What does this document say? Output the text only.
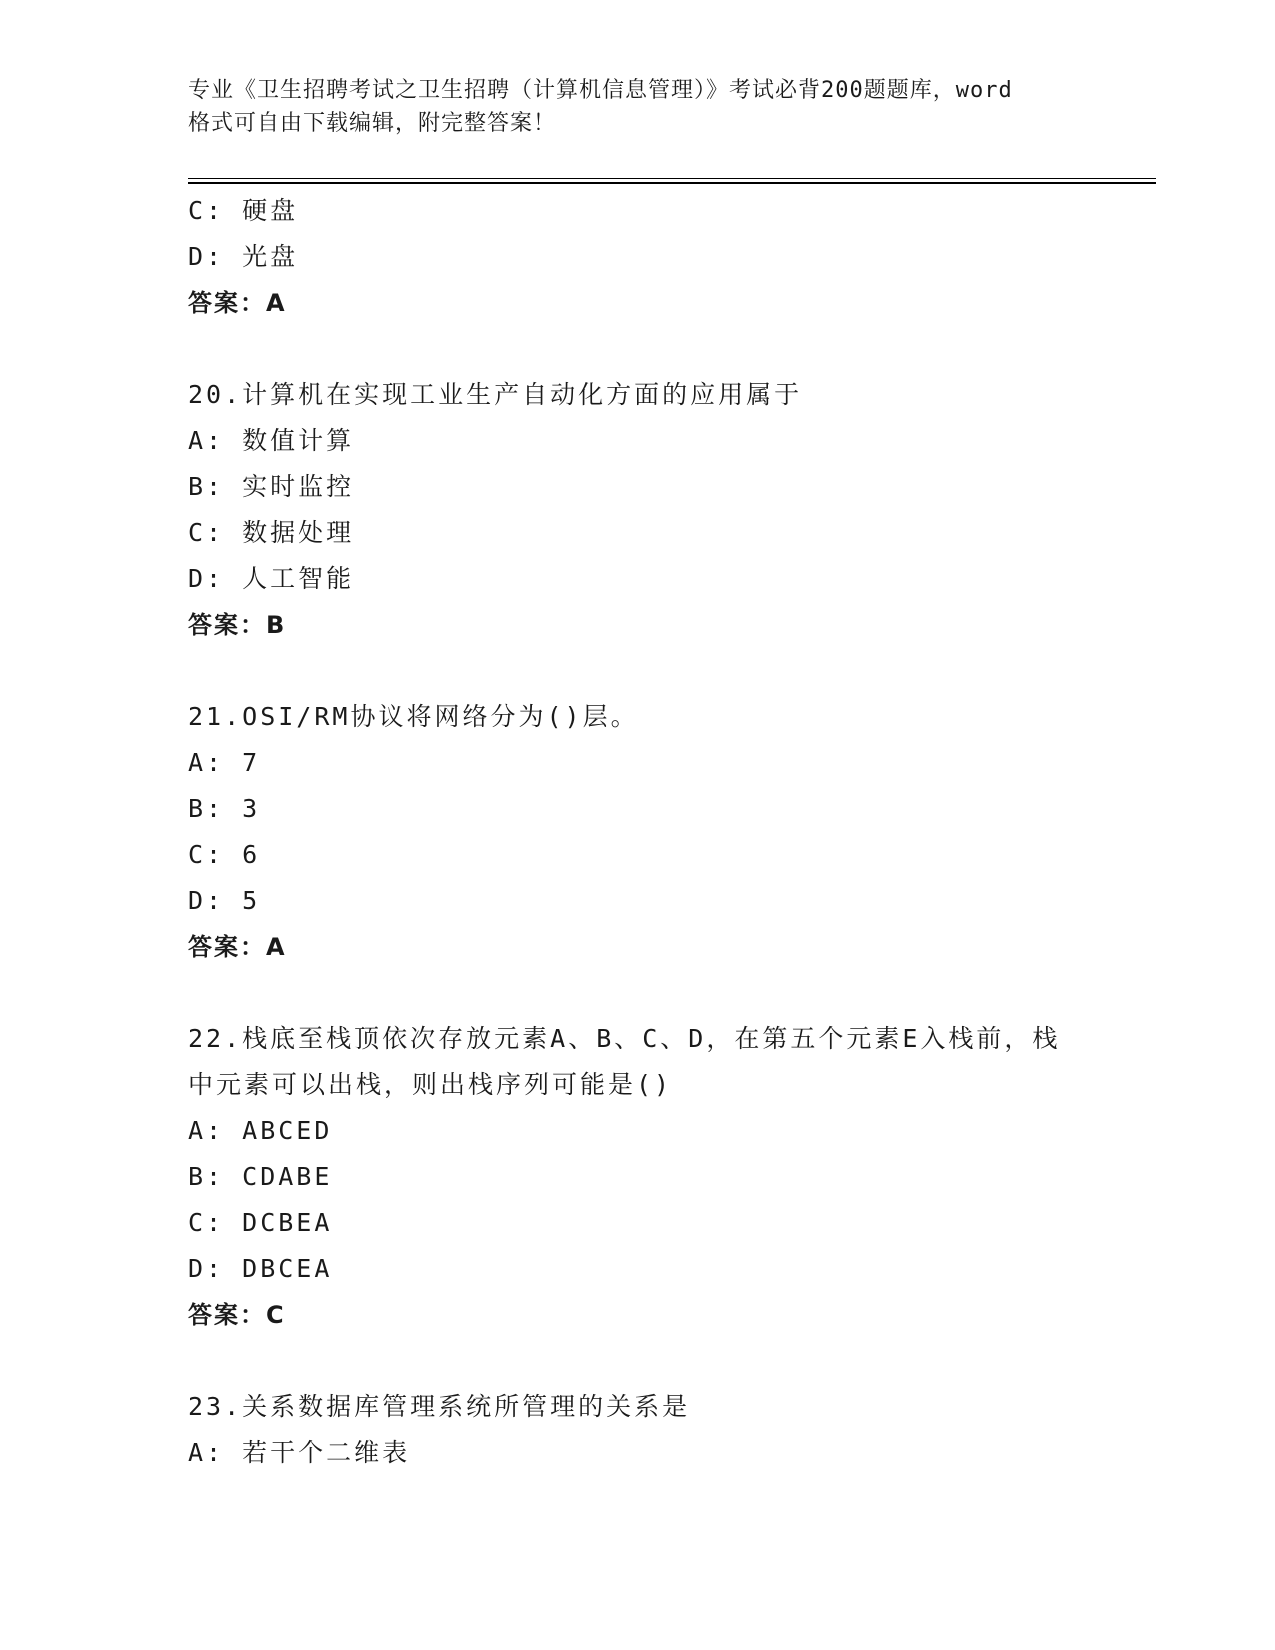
专业《卫生招聘考试之卫生招聘（计算机信息管理）》考试必背200题题库，word
格式可自由下载编辑，附完整答案！
C: 硬盘
D: 光盘
答案：A
20.计算机在实现工业生产自动化方面的应用属于
A: 数值计算
B: 实时监控
C: 数据处理
D: 人工智能
答案：B
21.OSI/RM协议将网络分为()层。
A: 7
B: 3
C: 6
D: 5
答案：A
22.栈底至栈顶依次存放元素A、B、C、D，在第五个元素E入栈前，栈
中元素可以出栈，则出栈序列可能是()
A: ABCED
B: CDABE
C: DCBEA
D: DBCEA
答案：C
23.关系数据库管理系统所管理的关系是
A: 若干个二维表
